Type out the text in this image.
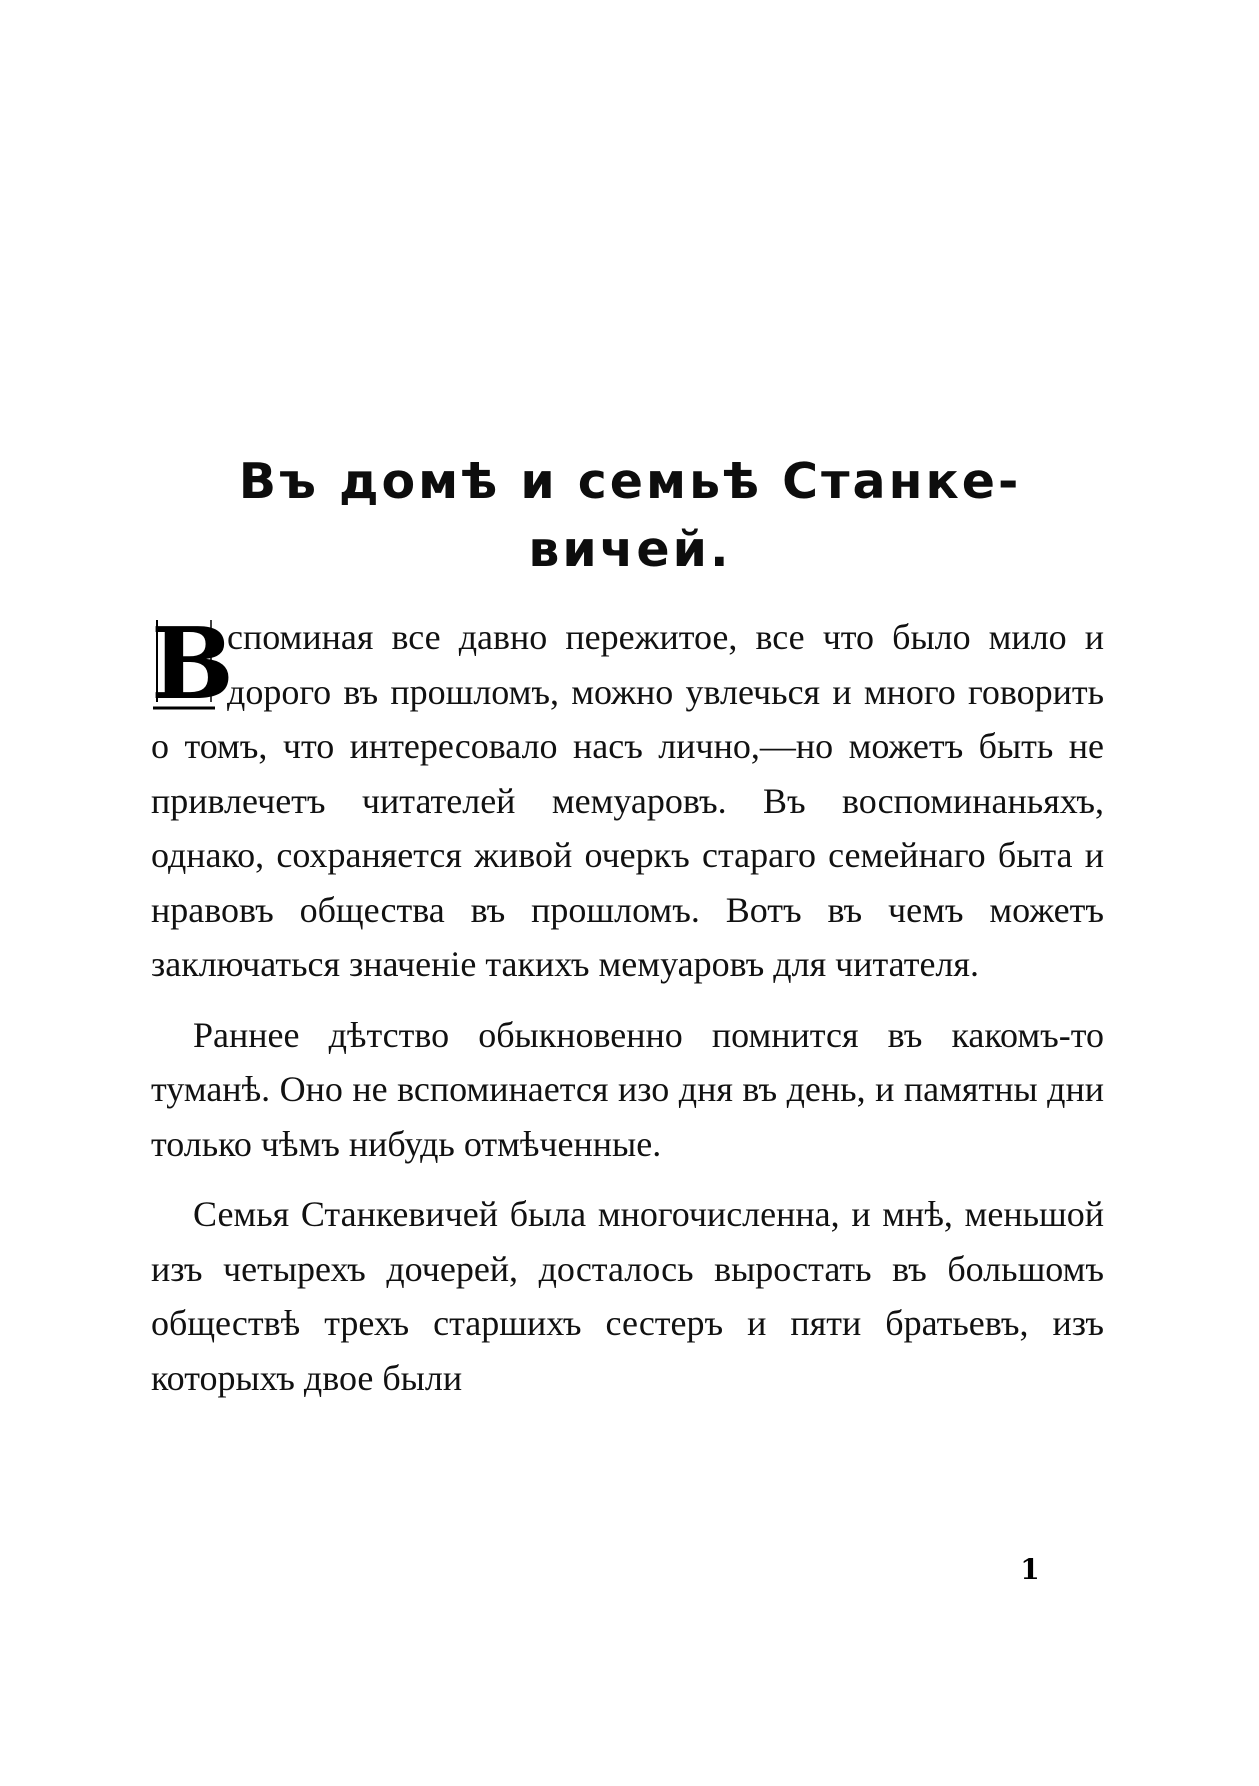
Въ домѣ и семьѣ Станке-
вичей.

В
споминая все давно пережитое, все что было мило и дорого въ прошломъ, можно увлечься и много говорить о томъ, что интересовало насъ лично,—но можетъ быть не привлечетъ читателей мемуаровъ. Въ воспоминаньяхъ, однако, сохраняется живой очеркъ стараго семейнаго быта и нравовъ общества въ прошломъ. Вотъ въ чемъ можетъ заключаться значенiе такихъ мемуаровъ для читателя.

Раннее дѣтство обыкновенно помнится въ какомъ-то туманѣ. Оно не вспоминается изо дня въ день, и памятны дни только чѣмъ нибудь отмѣченные.

Семья Станкевичей была многочисленна, и мнѣ, меньшой изъ четырехъ дочерей, досталось выростать въ большомъ обществѣ трехъ старшихъ сестеръ и пяти братьевъ, изъ которыхъ двое были

1
